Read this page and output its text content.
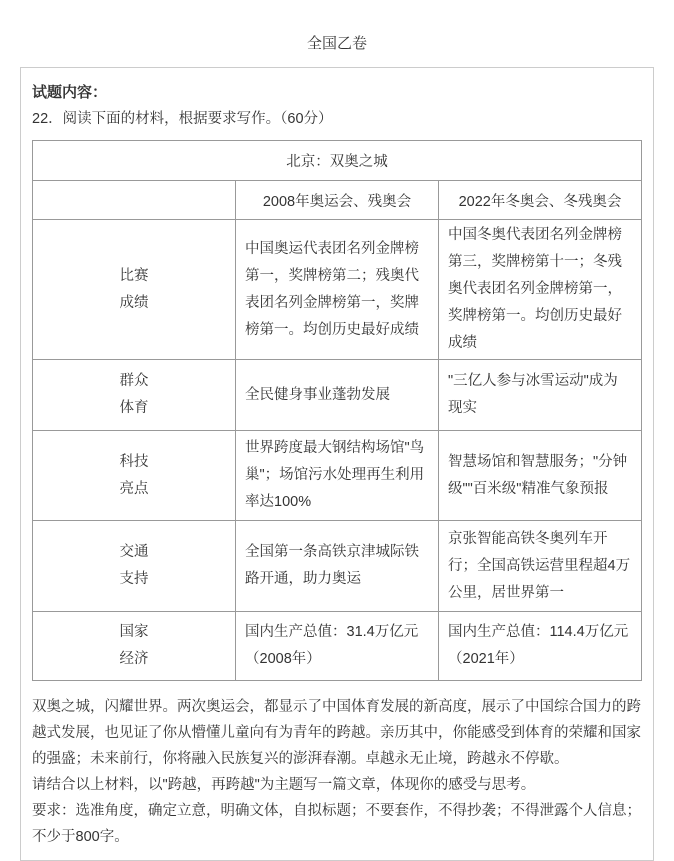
全国乙卷
试题内容：
22．阅读下面的材料，根据要求写作。（60分）
北京：双奥之城		
	2008年奥运会、残奥会	2022年冬奥会、冬残奥会

比赛
成绩	中国奥运代表团名列金牌榜第一，奖牌榜第二；残奥代表团名列金牌榜第一，奖牌榜第一。均创历史最好成绩	中国冬奥代表团名列金牌榜第三，奖牌榜第十一；冬残奥代表团名列金牌榜第一，奖牌榜第一。均创历史最好成绩

群众
体育	全民健身事业蓬勃发展	"三亿人参与冰雪运动"成为现实

科技
亮点	世界跨度最大钢结构场馆"鸟巢"；场馆污水处理再生利用率达100%	智慧场馆和智慧服务；"分钟级""百米级"精准气象预报

交通
支持	全国第一条高铁京津城际铁路开通，助力奥运	京张智能高铁冬奥列车开行；全国高铁运营里程超4万公里，居世界第一

国家
经济	国内生产总值：31.4万亿元（2008年）	国内生产总值：114.4万亿元（2021年）

双奥之城，闪耀世界。两次奥运会，都显示了中国体育发展的新高度，展示了中国综合国力的跨越式发展，也见证了你从懵懂儿童向有为青年的跨越。亲历其中，你能感受到体育的荣耀和国家的强盛；未来前行，你将融入民族复兴的澎湃春潮。卓越永无止境，跨越永不停歇。

请结合以上材料，以"跨越，再跨越"为主题写一篇文章，体现你的感受与思考。

要求：选准角度，确定立意，明确文体，自拟标题；不要套作，不得抄袭；不得泄露个人信息；不少于800字。
